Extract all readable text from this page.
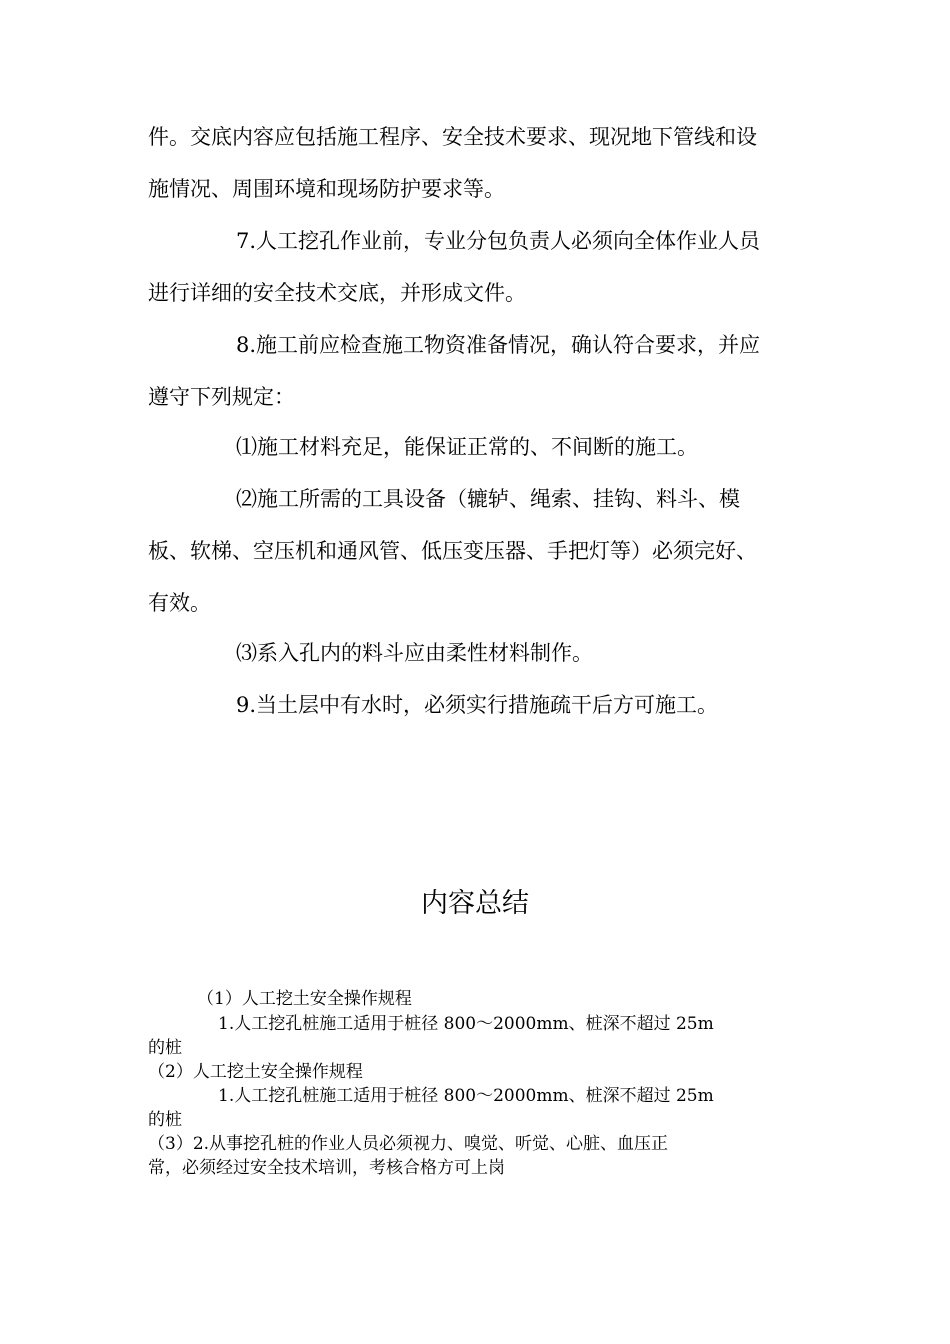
件。交底内容应包括施工程序、安全技术要求、现况地下管线和设
施情况、周围环境和现场防护要求等。
7.人工挖孔作业前，专业分包负责人必须向全体作业人员
进行详细的安全技术交底，并形成文件。
8.施工前应检查施工物资准备情况，确认符合要求，并应
遵守下列规定：
⑴施工材料充足，能保证正常的、不间断的施工。
⑵施工所需的工具设备（辘轳、绳索、挂钩、料斗、模
板、软梯、空压机和通风管、低压变压器、手把灯等）必须完好、
有效。
⑶系入孔内的料斗应由柔性材料制作。
9.当土层中有水时，必须实行措施疏干后方可施工。
内容总结
（1）人工挖土安全操作规程
1.人工挖孔桩施工适用于桩径 800～2000mm、桩深不超过 25m
的桩
（2）人工挖土安全操作规程
1.人工挖孔桩施工适用于桩径 800～2000mm、桩深不超过 25m
的桩
（3）2.从事挖孔桩的作业人员必须视力、嗅觉、听觉、心脏、血压正
常，必须经过安全技术培训，考核合格方可上岗
